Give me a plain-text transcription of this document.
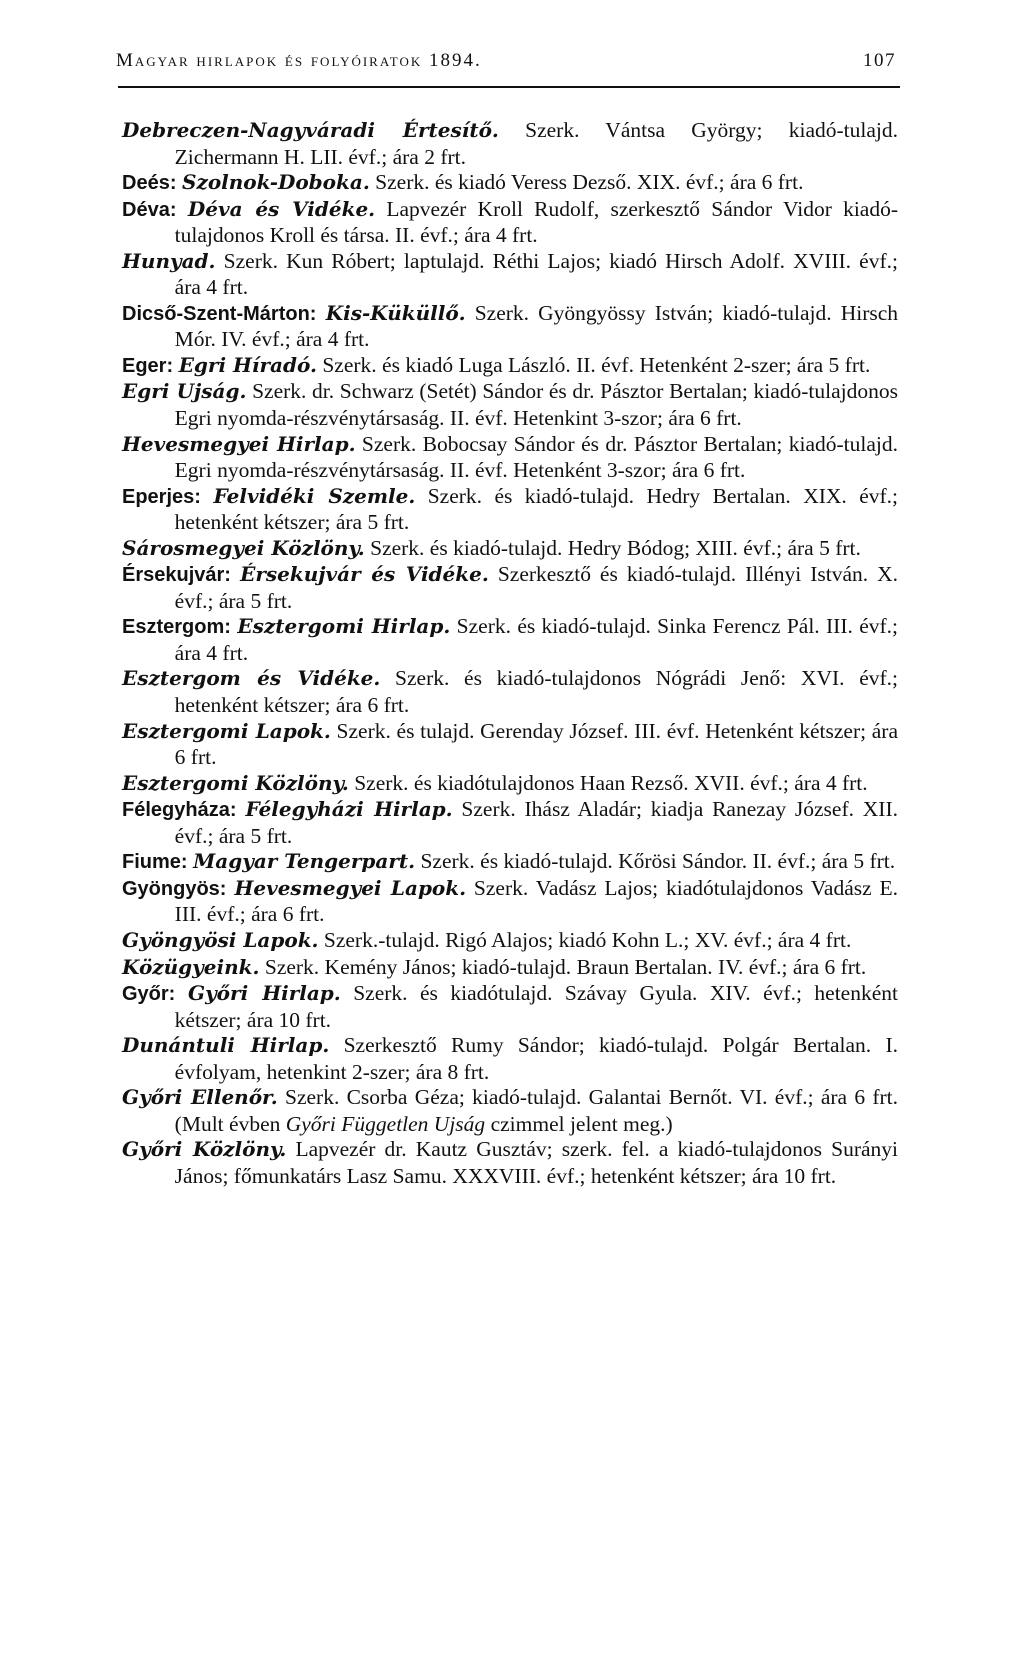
Magyar hirlapok és folyóiratok 1894.	107

Debreczen-Nagyváradi Értesítő. Szerk. Vántsa György; kiadó-tulajd. Zichermann H. LII. évf.; ára 2 frt.

Deés: Szolnok-Doboka. Szerk. és kiadó Veress Dezső. XIX. évf.; ára 6 frt.

Déva: Déva és Vidéke. Lapvezér Kroll Rudolf, szerkesztő Sándor Vidor kiadó-tulajdonos Kroll és társa. II. évf.; ára 4 frt.

Hunyad. Szerk. Kun Róbert; laptulajd. Réthi Lajos; kiadó Hirsch Adolf. XVIII. évf.; ára 4 frt.

Dicső-Szent-Márton: Kis-Küküllő. Szerk. Gyöngyössy István; kiadó-tulajd. Hirsch Mór. IV. évf.; ára 4 frt.

Eger: Egri Híradó. Szerk. és kiadó Luga László. II. évf. Hetenként 2-szer; ára 5 frt.

Egri Ujság. Szerk. dr. Schwarz (Setét) Sándor és dr. Pásztor Bertalan; kiadó-tulajdonos Egri nyomda-részvénytársaság. II. évf. Hetenkint 3-szor; ára 6 frt.

Hevesmegyei Hirlap. Szerk. Bobocsay Sándor és dr. Pásztor Bertalan; kiadó-tulajd. Egri nyomda-részvénytársaság. II. évf. Hetenként 3-szor; ára 6 frt.

Eperjes: Felvidéki Szemle. Szerk. és kiadó-tulajd. Hedry Bertalan. XIX. évf.; hetenként kétszer; ára 5 frt.

Sárosmegyei Közlöny. Szerk. és kiadó-tulajd. Hedry Bódog; XIII. évf.; ára 5 frt.

Érsekujvár: Érsekujvár és Vidéke. Szerkesztő és kiadó-tulajd. Illényi István. X. évf.; ára 5 frt.

Esztergom: Esztergomi Hirlap. Szerk. és kiadó-tulajd. Sinka Ferencz Pál. III. évf.; ára 4 frt.

Esztergom és Vidéke. Szerk. és kiadó-tulajdonos Nógrádi Jenő: XVI. évf.; hetenként kétszer; ára 6 frt.

Esztergomi Lapok. Szerk. és tulajd. Gerenday József. III. évf. Hetenként kétszer; ára 6 frt.

Esztergomi Közlöny. Szerk. és kiadótulajdonos Haan Rezső. XVII. évf.; ára 4 frt.

Félegyháza: Félegyházi Hirlap. Szerk. Ihász Aladár; kiadja Ranezay József. XII. évf.; ára 5 frt.

Fiume: Magyar Tengerpart. Szerk. és kiadó-tulajd. Kőrösi Sándor. II. évf.; ára 5 frt.

Gyöngyös: Hevesmegyei Lapok. Szerk. Vadász Lajos; kiadótulajdonos Vadász E. III. évf.; ára 6 frt.

Gyöngyösi Lapok. Szerk.-tulajd. Rigó Alajos; kiadó Kohn L.; XV. évf.; ára 4 frt.

Közügyeink. Szerk. Kemény János; kiadó-tulajd. Braun Bertalan. IV. évf.; ára 6 frt.

Győr: Győri Hirlap. Szerk. és kiadótulajd. Szávay Gyula. XIV. évf.; hetenként kétszer; ára 10 frt.

Dunántuli Hirlap. Szerkesztő Rumy Sándor; kiadó-tulajd. Polgár Bertalan. I. évfolyam, hetenkint 2-szer; ára 8 frt.

Győri Ellenőr. Szerk. Csorba Géza; kiadó-tulajd. Galantai Bernőt. VI. évf.; ára 6 frt. (Mult évben Győri Független Ujság czimmel jelent meg.)

Győri Közlöny. Lapvezér dr. Kautz Gusztáv; szerk. fel. a kiadó-tulajdonos Surányi János; főmunkatárs Lasz Samu. XXXVIII. évf.; hetenként kétszer; ára 10 frt.
